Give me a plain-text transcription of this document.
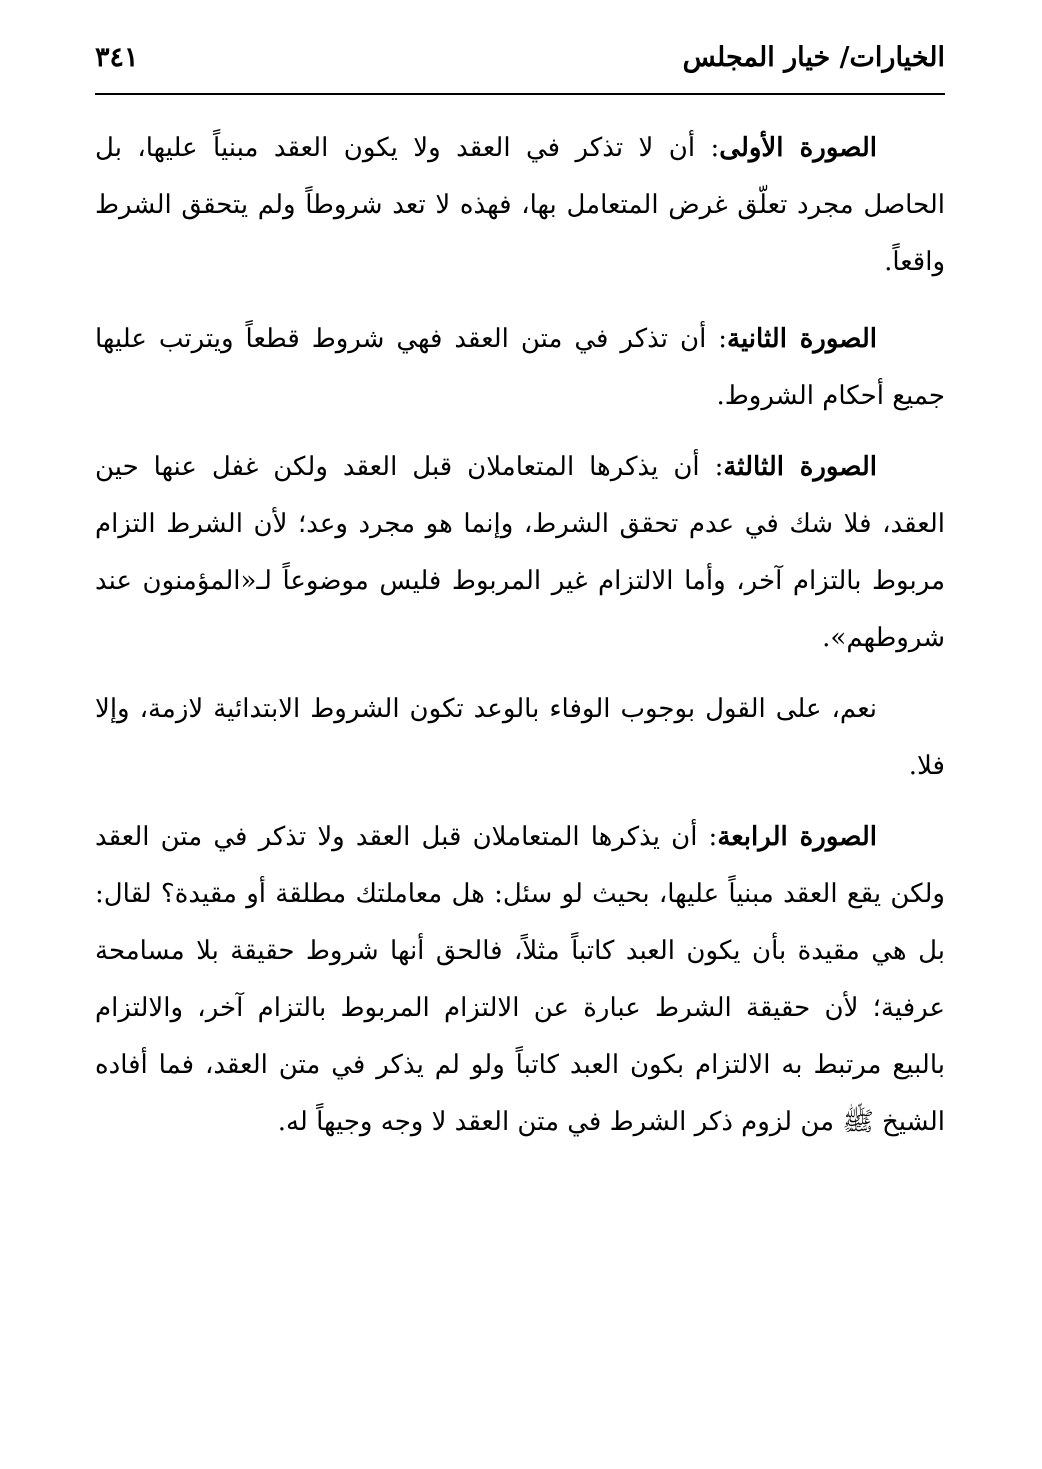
الخيارات/ خيار المجلس
٣٤١

الصورة الأولى: أن لا تذكر في العقد ولا يكون العقد مبنياً عليها، بل الحاصل مجرد تعلّق غرض المتعامل بها، فهذه لا تعد شروطاً ولم يتحقق الشرط واقعاً.

الصورة الثانية: أن تذكر في متن العقد فهي شروط قطعاً ويترتب عليها جميع أحكام الشروط.

الصورة الثالثة: أن يذكرها المتعاملان قبل العقد ولكن غفل عنها حين العقد، فلا شك في عدم تحقق الشرط، وإنما هو مجرد وعد؛ لأن الشرط التزام مربوط بالتزام آخر، وأما الالتزام غير المربوط فليس موضوعاً لـ«المؤمنون عند شروطهم».

نعم، على القول بوجوب الوفاء بالوعد تكون الشروط الابتدائية لازمة، وإلا فلا.

الصورة الرابعة: أن يذكرها المتعاملان قبل العقد ولا تذكر في متن العقد ولكن يقع العقد مبنياً عليها، بحيث لو سئل: هل معاملتك مطلقة أو مقيدة؟ لقال: بل هي مقيدة بأن يكون العبد كاتباً مثلاً، فالحق أنها شروط حقيقة بلا مسامحة عرفية؛ لأن حقيقة الشرط عبارة عن الالتزام المربوط بالتزام آخر، والالتزام بالبيع مرتبط به الالتزام بكون العبد كاتباً ولو لم يذكر في متن العقد، فما أفاده الشيخ ﷺ من لزوم ذكر الشرط في متن العقد لا وجه وجيهاً له.
